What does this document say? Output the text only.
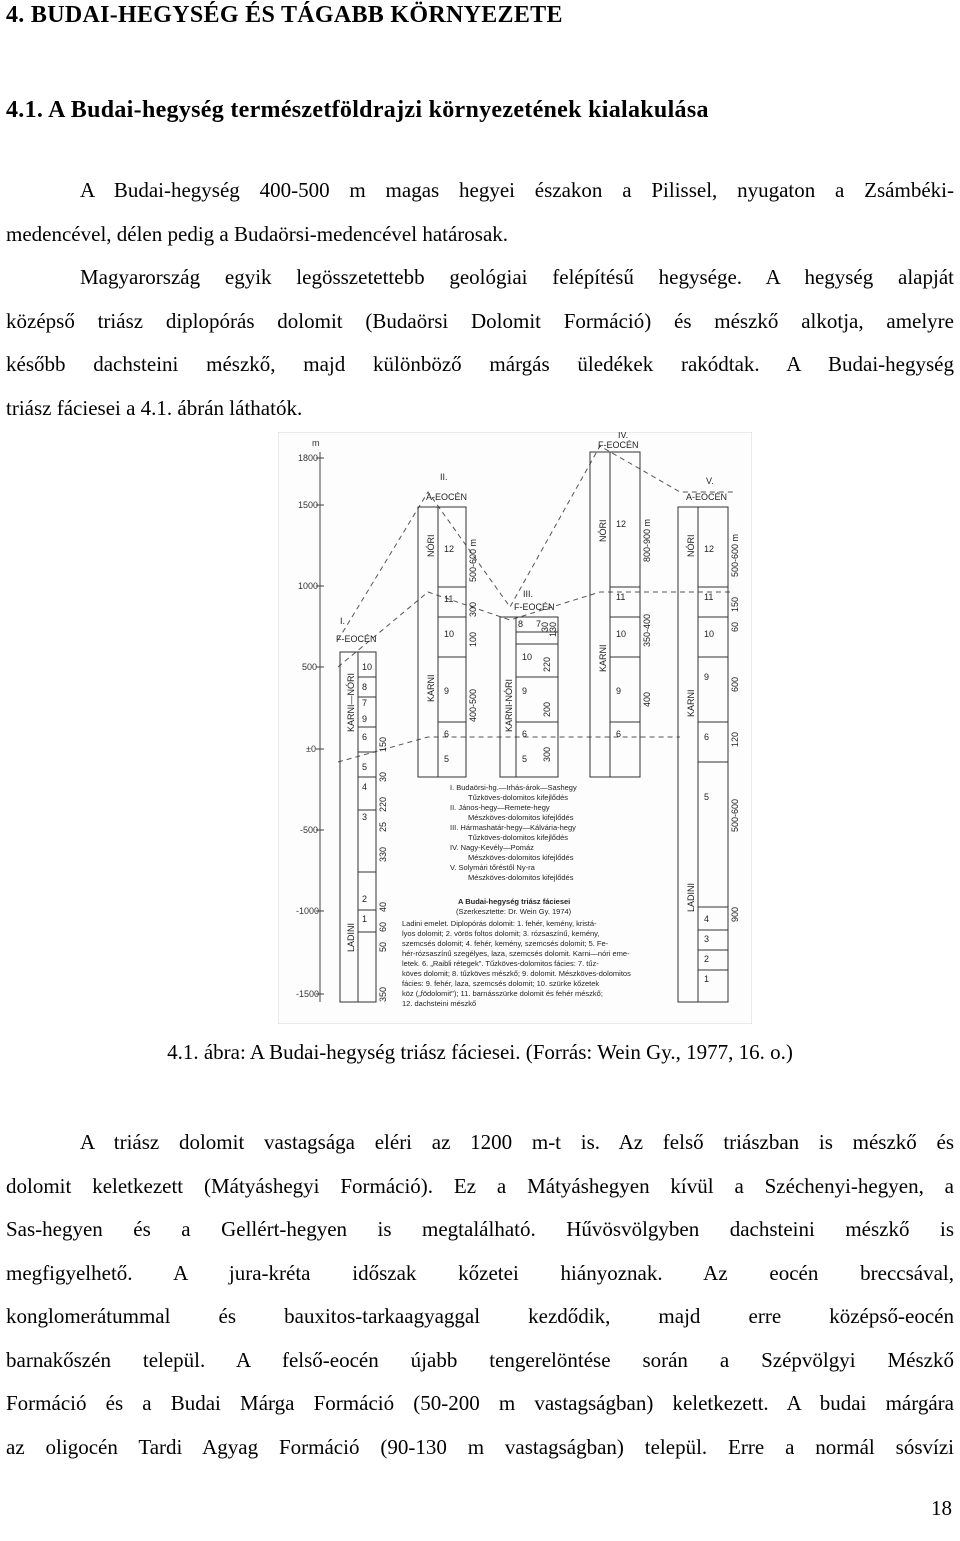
4. BUDAI-HEGYSÉG ÉS TÁGABB KÖRNYEZETE
4.1. A Budai-hegység természetföldrajzi környezetének kialakulása
A Budai-hegység 400-500 m magas hegyei északon a Pilissel, nyugaton a Zsámbéki-
medencével, délen pedig a Budaörsi-medencével határosak.
Magyarország egyik legösszetettebb geológiai felépítésű hegysége. A hegység alapját
középső triász diplopórás dolomit (Budaörsi Dolomit Formáció) és mészkő alkotja, amelyre
később dachsteini mészkő, majd különböző márgás üledékek rakódtak. A Budai-hegység
triász fáciesei a 4.1. ábrán láthatók.
m
1800
1500
1000
500
±0
-500
-1000
-1500
I.
F-EOCÉN
10
8
7
9
6
5
4
3
2
1
KARNI—NÓRI
LADINI
150
30
220
25
330
40
60
50
350
II.
A-EOCÉN
12
11
10
9
6
5
NÓRI
KARNI
500-600 m
300
100
400-500
III.
F-EOCÉN
8 7
10
9
6
5
KARNI-NÓRI
30
130
220
200
300
IV.
F-EOCÉN
12
11
10
9
6
NÓRI
KARNI
800-900 m
350-400
400
V.
A-EOCÉN
12
11
10
9
6
5
4
3
2
1
NÓRI
KARNI
LADINI
500-600 m
150
60
600
120
500-600
900
I. Budaörsi-hg.—Irhás-árok—Sashegy
Tűzköves-dolomitos kifejlődés
II. János-hegy—Remete-hegy
Mészköves-dolomitos kifejlődés
III. Hármashatár-hegy—Kálvária-hegy
Tűzköves-dolomitos kifejlődés
IV. Nagy-Kevély—Pomáz
Mészköves-dolomitos kifejlődés
V. Solymári tőréstől Ny-ra
Mészköves-dolomitos kifejlődés
A Budai-hegység triász fáciesei
(Szerkesztette: Dr. Wein Gy. 1974)
Ladini emelet. Diplopórás dolomit: 1. fehér, kemény, kristá-
lyos dolomit; 2. vörös foltos dolomit; 3. rózsaszínű, kemény,
szemcsés dolomit; 4. fehér, kemény, szemcsés dolomit; 5. Fe-
hér-rózsaszínű szegélyes, laza, szemcsés dolomit. Karni—nóri eme-
letek. 6. „Raibli rétegek". Tűzköves-dolomitos fácies: 7. tűz-
köves dolomit; 8. tűzköves mészkő; 9. dolomit. Mészköves-dolomitos
fácies: 9. fehér, laza, szemcsés dolomit; 10. szürke kőzetek
köz („födolomit"); 11. barnásszürke dolomit és fehér mészkő;
12. dachsteini mészkő
4.1. ábra: A Budai-hegység triász fáciesei. (Forrás: Wein Gy., 1977, 16. o.)
A triász dolomit vastagsága eléri az 1200 m-t is. Az felső triászban is mészkő és
dolomit keletkezett (Mátyáshegyi Formáció). Ez a Mátyáshegyen kívül a Széchenyi-hegyen, a
Sas-hegyen és a Gellért-hegyen is megtalálható. Hűvösvölgyben dachsteini mészkő is
megfigyelhető. A jura-kréta időszak kőzetei hiányoznak. Az eocén breccsával,
konglomerátummal és bauxitos-tarkaagyaggal kezdődik, majd erre középső-eocén
barnakőszén települ. A felső-eocén újabb tengerelöntése során a Szépvölgyi Mészkő
Formáció és a Budai Márga Formáció (50-200 m vastagságban) keletkezett. A budai márgára
az oligocén Tardi Agyag Formáció (90-130 m vastagságban) települ. Erre a normál sósvízi
18
